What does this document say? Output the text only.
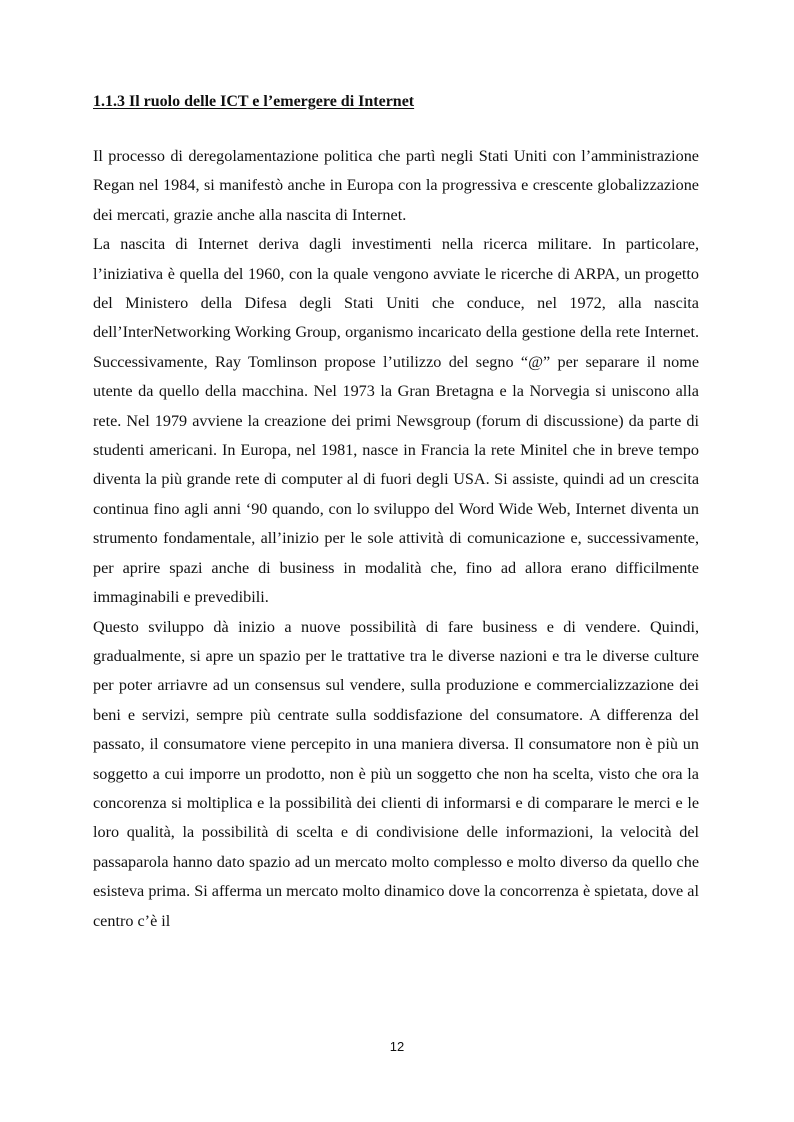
1.1.3 Il ruolo delle ICT e l’emergere di Internet

Il processo di deregolamentazione politica che partì negli Stati Uniti con l’amministrazione Regan nel 1984, si manifestò anche in Europa con la progressiva e crescente globalizzazione dei mercati, grazie anche alla nascita di Internet.

La nascita di Internet deriva dagli investimenti nella ricerca militare. In particolare, l’iniziativa è quella del 1960, con la quale vengono avviate le ricerche di ARPA, un progetto del Ministero della Difesa degli Stati Uniti che conduce, nel 1972, alla nascita dell’InterNetworking Working Group, organismo incaricato della gestione della rete Internet. Successivamente, Ray Tomlinson propose l’utilizzo del segno “@” per separare il nome utente da quello della macchina. Nel 1973 la Gran Bretagna e la Norvegia si uniscono alla rete. Nel 1979 avviene la creazione dei primi Newsgroup (forum di discussione) da parte di studenti americani. In Europa, nel 1981, nasce in Francia la rete Minitel che in breve tempo diventa la più grande rete di computer al di fuori degli USA. Si assiste, quindi ad un crescita continua fino agli anni ‘90 quando, con lo sviluppo del Word Wide Web, Internet diventa un strumento fondamentale, all’inizio per le sole attività di comunicazione e, successivamente, per aprire spazi anche di business in modalità che, fino ad allora erano difficilmente immaginabili e prevedibili.

Questo sviluppo dà inizio a nuove possibilità di fare business e di vendere. Quindi, gradualmente, si apre un spazio per le trattative tra le diverse nazioni e tra le diverse culture per poter arriavre ad un consensus sul vendere, sulla produzione e commercializzazione dei beni e servizi, sempre più centrate sulla soddisfazione del consumatore. A differenza del passato, il consumatore viene percepito in una maniera diversa. Il consumatore non è più un soggetto a cui imporre un prodotto, non è più un soggetto che non ha scelta, visto che ora la concorenza si moltiplica e la possibilità dei clienti di informarsi e di comparare le merci e le loro qualità, la possibilità di scelta e di condivisione delle informazioni, la velocità del passaparola hanno dato spazio ad un mercato molto complesso e molto diverso da quello che esisteva prima. Si afferma un mercato molto dinamico dove la concorrenza è spietata, dove al centro c’è il

12
